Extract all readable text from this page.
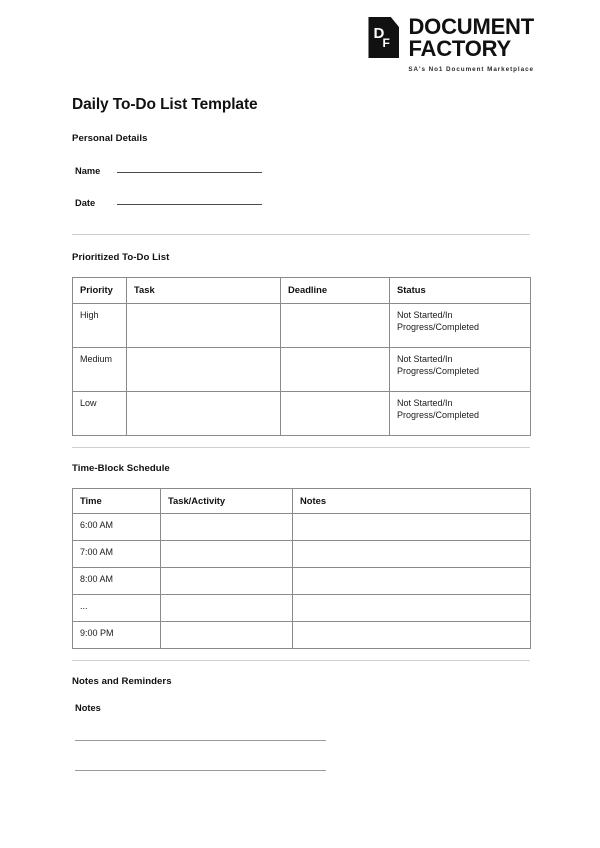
D
F
DOCUMENT
FACTORY
SA's No1 Document Marketplace
Daily To-Do List Template
Personal Details
Name
Date
Prioritized To-Do List
Priority	Task	Deadline	Status
High			Not Started/In Progress/Completed
Medium			Not Started/In Progress/Completed
Low			Not Started/In Progress/Completed
Time-Block Schedule
Time	Task/Activity	Notes
6:00 AM		
7:00 AM		
8:00 AM		
...		
9:00 PM		
Notes and Reminders
Notes
